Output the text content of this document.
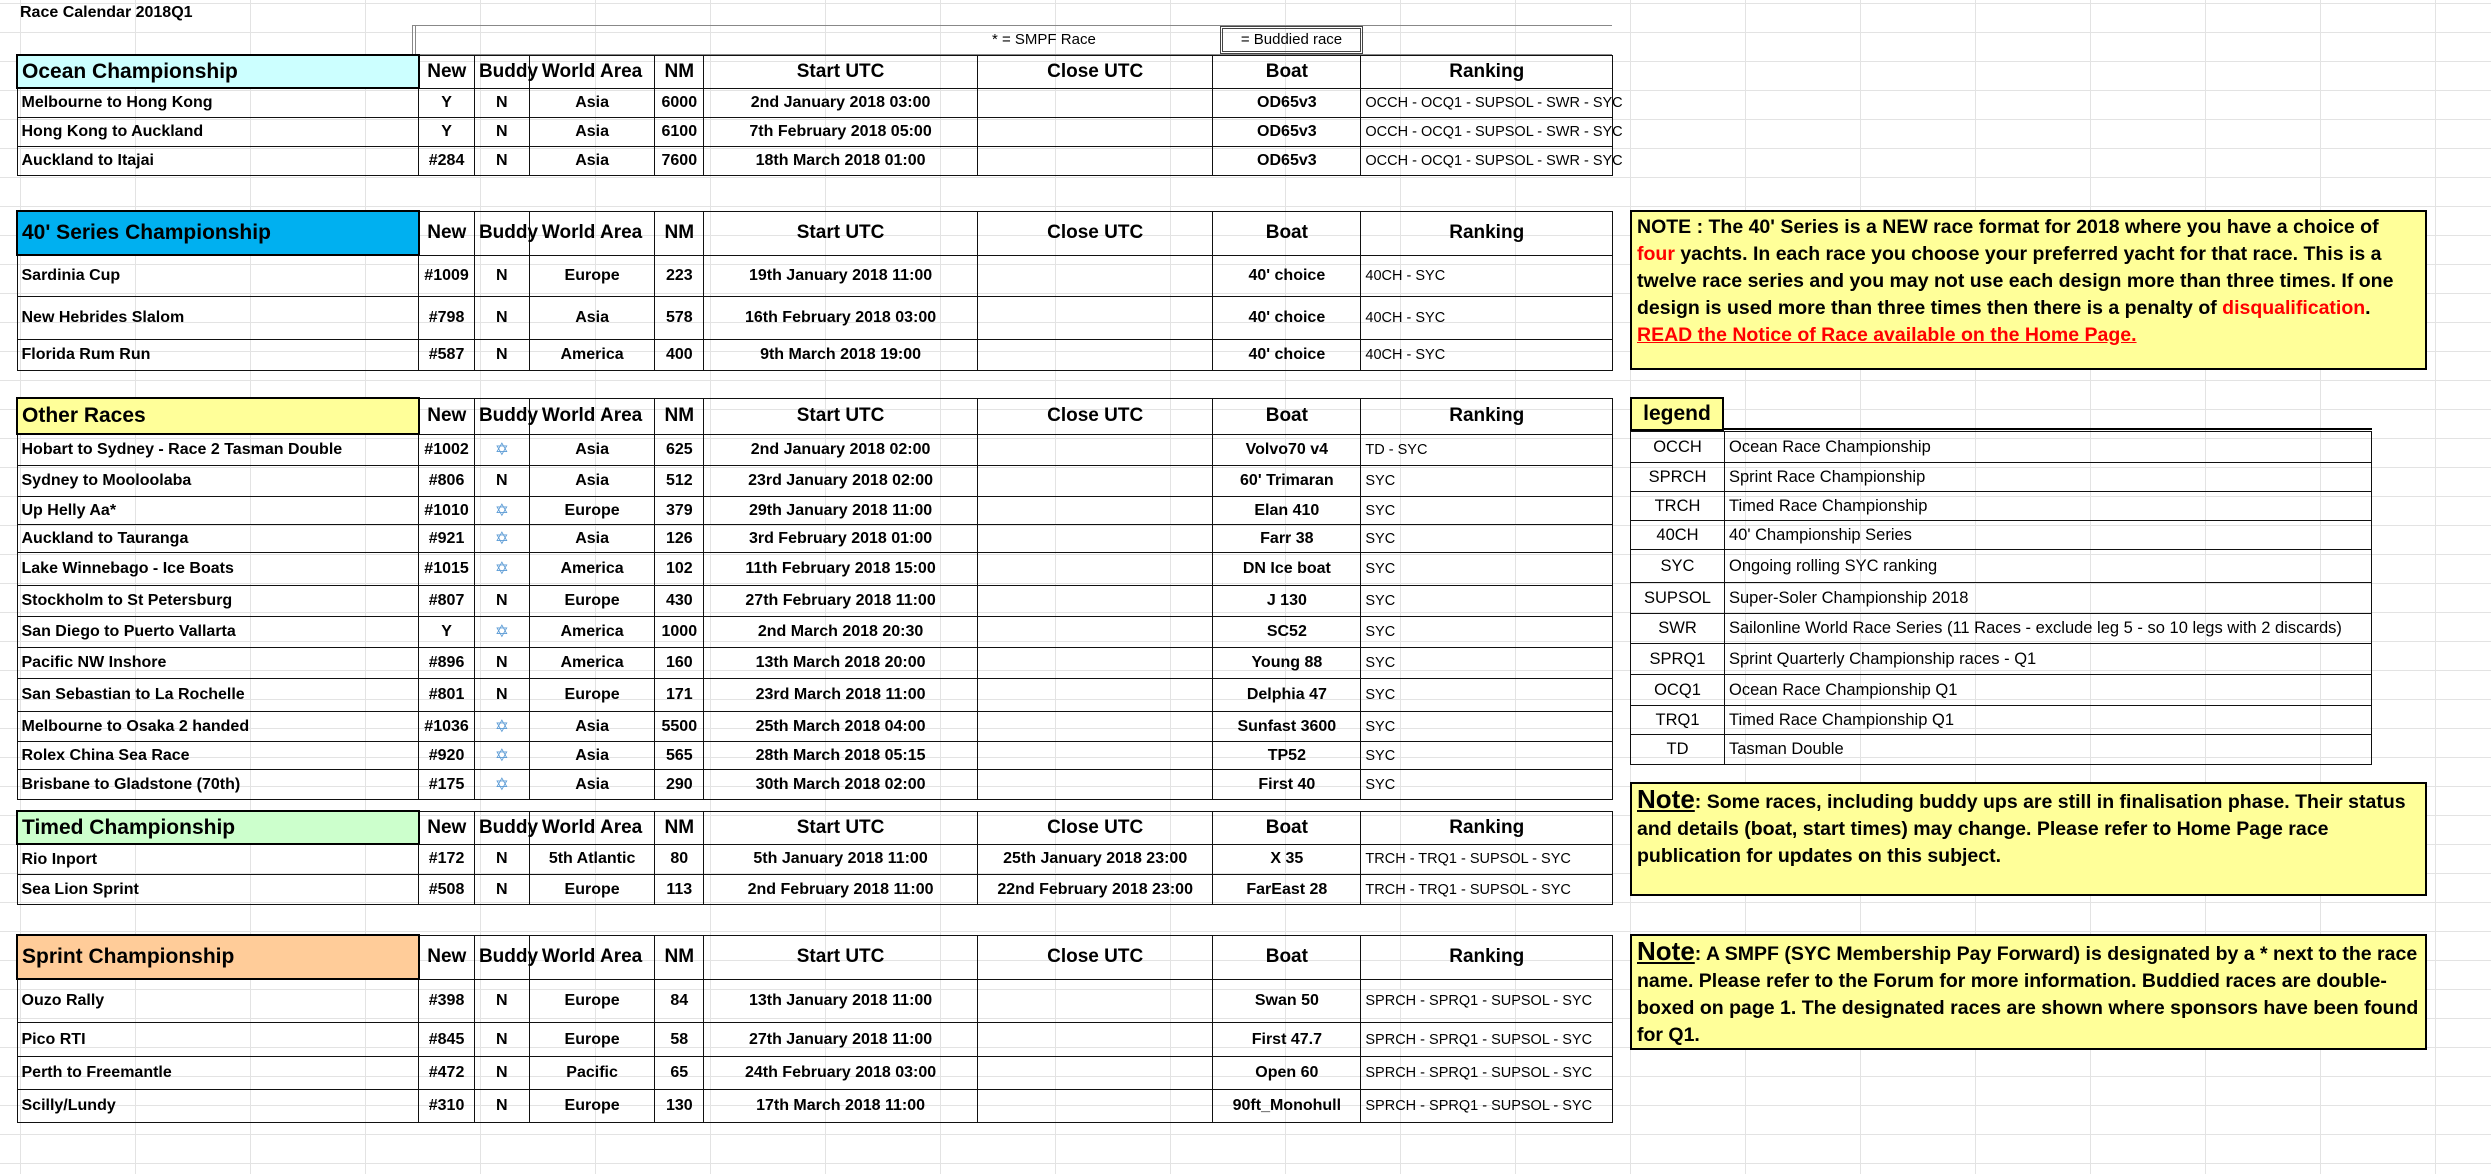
Race Calendar 2018Q1
* = SMPF Race	= Buddied race
Ocean Championship	New	Buddy	World Area	NM	Start UTC	Close UTC	Boat	Ranking
Melbourne to Hong Kong	Y	N	Asia	6000	2nd January 2018 03:00		OD65v3	OCCH - OCQ1 - SUPSOL - SWR - SYC
Hong Kong to Auckland	Y	N	Asia	6100	7th February 2018 05:00		OD65v3	OCCH - OCQ1 - SUPSOL - SWR - SYC
Auckland to Itajai	#284	N	Asia	7600	18th March 2018 01:00		OD65v3	OCCH - OCQ1 - SUPSOL - SWR - SYC
40' Series Championship	New	Buddy	World Area	NM	Start UTC	Close UTC	Boat	Ranking
Sardinia Cup	#1009	N	Europe	223	19th January 2018 11:00		40' choice	40CH - SYC
New Hebrides Slalom	#798	N	Asia	578	16th February 2018 03:00		40' choice	40CH - SYC
Florida Rum Run	#587	N	America	400	9th March 2018 19:00		40' choice	40CH - SYC
Other Races	New	Buddy	World Area	NM	Start UTC	Close UTC	Boat	Ranking
Hobart to Sydney - Race 2 Tasman Double	#1002	✡	Asia	625	2nd January 2018 02:00		Volvo70 v4	TD - SYC
Sydney to Mooloolaba	#806	N	Asia	512	23rd January 2018 02:00		60' Trimaran	SYC
Up Helly Aa*	#1010	✡	Europe	379	29th January 2018 11:00		Elan 410	SYC
Auckland to Tauranga	#921	✡	Asia	126	3rd February 2018 01:00		Farr 38	SYC
Lake Winnebago - Ice Boats	#1015	✡	America	102	11th February 2018 15:00		DN Ice boat	SYC
Stockholm to St Petersburg	#807	N	Europe	430	27th February 2018 11:00		J 130	SYC
San Diego to Puerto Vallarta	Y	✡	America	1000	2nd March 2018 20:30		SC52	SYC
Pacific NW Inshore	#896	N	America	160	13th March 2018 20:00		Young 88	SYC
San Sebastian to La Rochelle	#801	N	Europe	171	23rd March 2018 11:00		Delphia 47	SYC
Melbourne to Osaka 2 handed	#1036	✡	Asia	5500	25th March 2018 04:00		Sunfast 3600	SYC
Rolex China Sea Race	#920	✡	Asia	565	28th March 2018 05:15		TP52	SYC
Brisbane to Gladstone (70th)	#175	✡	Asia	290	30th March 2018 02:00		First 40	SYC
Timed Championship	New	Buddy	World Area	NM	Start UTC	Close UTC	Boat	Ranking
Rio Inport	#172	N	5th Atlantic	80	5th January 2018 11:00	25th January 2018 23:00	X 35	TRCH - TRQ1 - SUPSOL - SYC
Sea Lion Sprint	#508	N	Europe	113	2nd February 2018 11:00	22nd February 2018 23:00	FarEast 28	TRCH - TRQ1 - SUPSOL - SYC
Sprint Championship	New	Buddy	World Area	NM	Start UTC	Close UTC	Boat	Ranking
Ouzo Rally	#398	N	Europe	84	13th January 2018 11:00		Swan 50	SPRCH - SPRQ1 - SUPSOL - SYC
Pico RTI	#845	N	Europe	58	27th January 2018 11:00		First 47.7	SPRCH - SPRQ1 - SUPSOL - SYC
Perth to Freemantle	#472	N	Pacific	65	24th February 2018 03:00		Open 60	SPRCH - SPRQ1 - SUPSOL - SYC
Scilly/Lundy	#310	N	Europe	130	17th March 2018 11:00		90ft_Monohull	SPRCH - SPRQ1 - SUPSOL - SYC
NOTE : The 40' Series is a NEW race format for 2018 where you have a choice of four yachts. In each race you choose your preferred yacht for that race. This is a twelve race series and you may not use each design more than three times. If one design is used more than three times then there is a penalty of disqualification.
READ the Notice of Race available on the Home Page.
legend
OCCH	Ocean Race Championship
SPRCH	Sprint Race Championship
TRCH	Timed Race Championship
40CH	40' Championship Series
SYC	Ongoing rolling SYC ranking
SUPSOL	Super-Soler Championship 2018
SWR	Sailonline World Race Series (11 Races - exclude leg 5 - so 10 legs with 2 discards)
SPRQ1	Sprint Quarterly Championship races - Q1
OCQ1	Ocean Race Championship Q1
TRQ1	Timed Race Championship Q1
TD	Tasman Double
Note: Some races, including buddy ups are still in finalisation phase. Their status and details (boat, start times) may change. Please refer to Home Page race publication for updates on this subject.
Note: A SMPF (SYC Membership Pay Forward) is designated by a * next to the race name. Please refer to the Forum for more information. Buddied races are double-boxed on page 1. The designated races are shown where sponsors have been found for Q1.
